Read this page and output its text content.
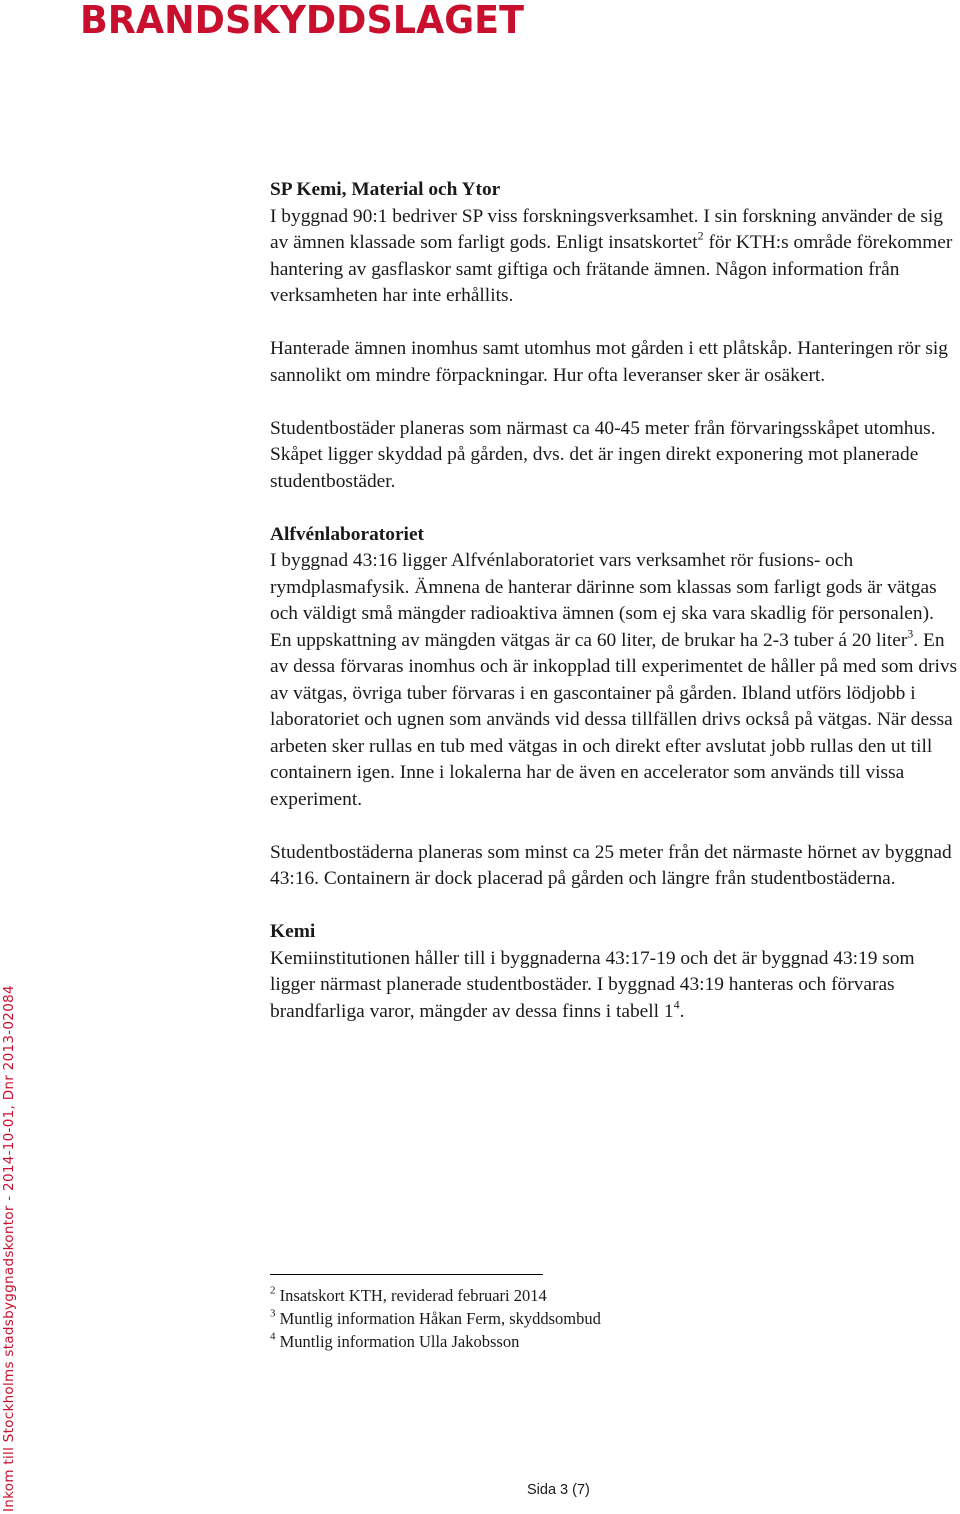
BRANDSKYDDSLAGET

SP Kemi, Material och Ytor
I byggnad 90:1 bedriver SP viss forskningsverksamhet. I sin forskning använder de sig av ämnen klassade som farligt gods. Enligt insatskortet$^2$ för KTH:s område förekommer hantering av gasflaskor samt giftiga och frätande ämnen. Någon information från verksamheten har inte erhållits.

Hanterade ämnen inomhus samt utomhus mot gården i ett plåtskåp. Hanteringen rör sig sannolikt om mindre förpackningar. Hur ofta leveranser sker är osäkert.

Studentbostäder planeras som närmast ca 40-45 meter från förvaringsskåpet utomhus. Skåpet ligger skyddad på gården, dvs. det är ingen direkt exponering mot planerade studentbostäder.

Alfvénlaboratoriet
I byggnad 43:16 ligger Alfvénlaboratoriet vars verksamhet rör fusions- och rymdplasmafysik. Ämnena de hanterar därinne som klassas som farligt gods är vätgas och väldigt små mängder radioaktiva ämnen (som ej ska vara skadlig för personalen). En uppskattning av mängden vätgas är ca 60 liter, de brukar ha 2-3 tuber á 20 liter$^3$. En av dessa förvaras inomhus och är inkopplad till experimentet de håller på med som drivs av vätgas, övriga tuber förvaras i en gascontainer på gården. Ibland utförs lödjobb i laboratoriet och ugnen som används vid dessa tillfällen drivs också på vätgas. När dessa arbeten sker rullas en tub med vätgas in och direkt efter avslutat jobb rullas den ut till containern igen. Inne i lokalerna har de även en accelerator som används till vissa experiment.

Studentbostäderna planeras som minst ca 25 meter från det närmaste hörnet av byggnad 43:16. Containern är dock placerad på gården och längre från studentbostäderna.

Kemi
Kemiinstitutionen håller till i byggnaderna 43:17-19 och det är byggnad 43:19 som ligger närmast planerade studentbostäder. I byggnad 43:19 hanteras och förvaras brandfarliga varor, mängder av dessa finns i tabell $1^4$.

$^2$ Insatskort KTH, reviderad februari 2014
$^3$ Muntlig information Håkan Ferm, skyddsombud
$^4$ Muntlig information Ulla Jakobsson
Sida 3 (7)
Inkom till Stockholms stadsbyggnadskontor - 2014-10-01, Dnr 2013-02084
